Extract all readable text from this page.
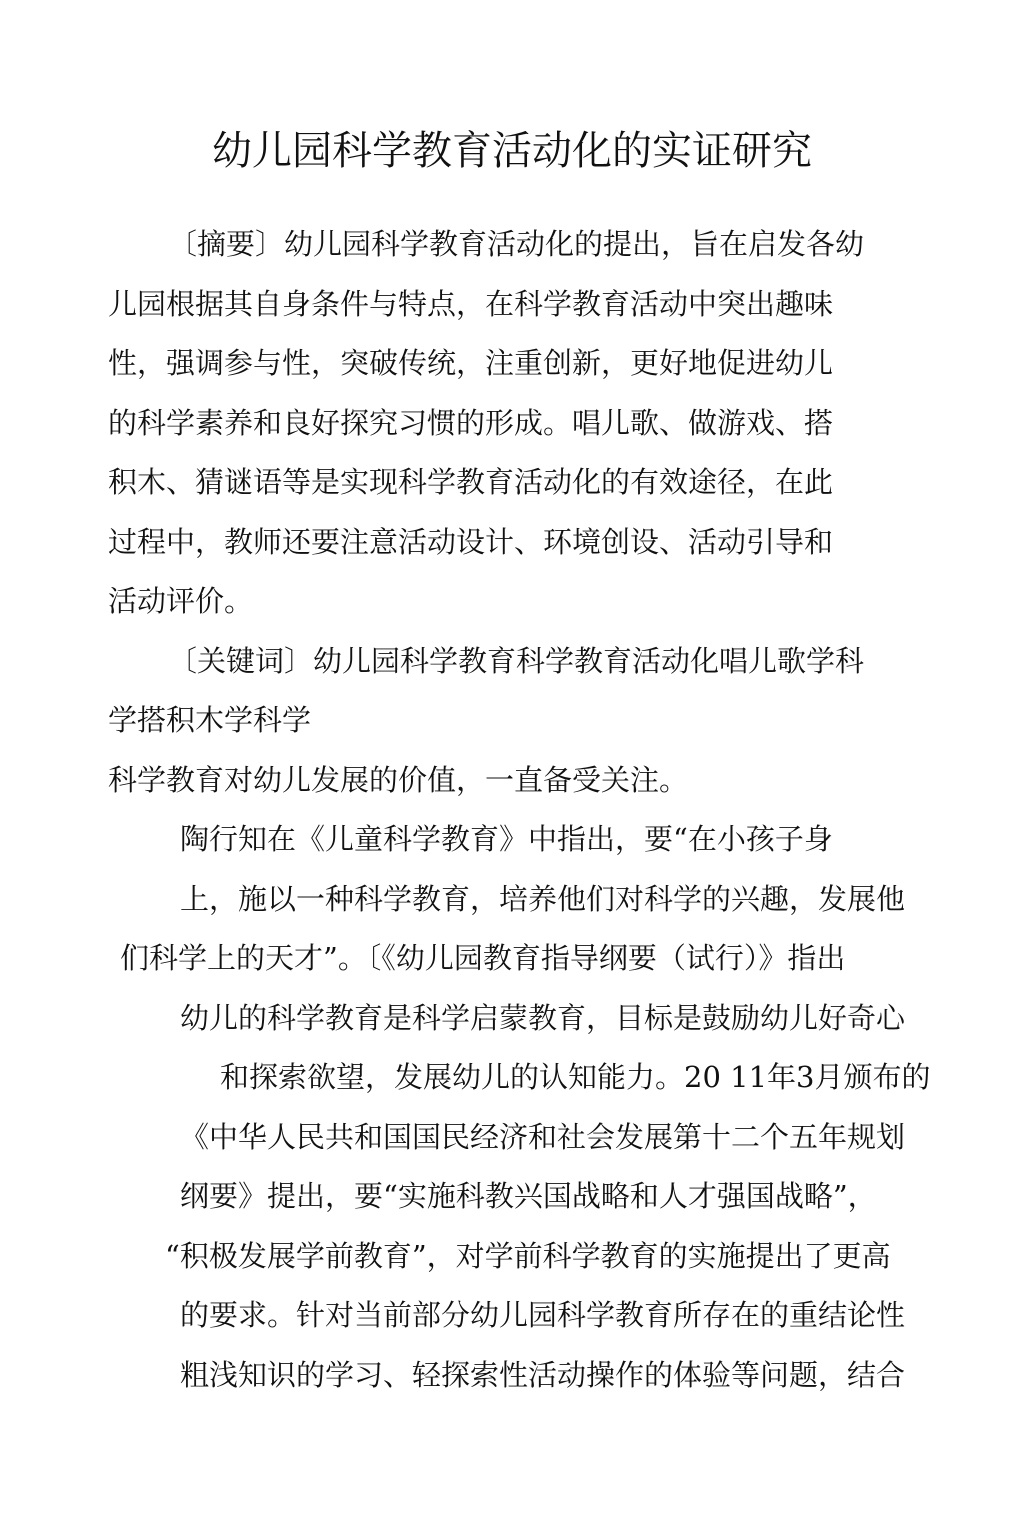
幼儿园科学教育活动化的实证研究
〔摘要〕幼儿园科学教育活动化的提出，旨在启发各幼
儿园根据其自身条件与特点，在科学教育活动中突出趣味
性，强调参与性，突破传统，注重创新，更好地促进幼儿
的科学素养和良好探究习惯的形成。唱儿歌、做游戏、搭
积木、猜谜语等是实现科学教育活动化的有效途径，在此
过程中，教师还要注意活动设计、环境创设、活动引导和
活动评价。
〔关键词〕幼儿园科学教育科学教育活动化唱儿歌学科
学搭积木学科学
科学教育对幼儿发展的价值，一直备受关注。
陶行知在《儿童科学教育》中指出，要“在小孩子身
上，施以一种科学教育，培养他们对科学的兴趣，发展他
们科学上的天才”。〔《幼儿园教育指导纲要（试行）》指出
幼儿的科学教育是科学启蒙教育，目标是鼓励幼儿好奇心
和探索欲望，发展幼儿的认知能力。20 11年3月颁布的
《中华人民共和国国民经济和社会发展第十二个五年规划
纲要》提出，要“实施科教兴国战略和人才强国战略”，
“积极发展学前教育”，对学前科学教育的实施提出了更高
的要求。针对当前部分幼儿园科学教育所存在的重结论性
粗浅知识的学习、轻探索性活动操作的体验等问题，结合
